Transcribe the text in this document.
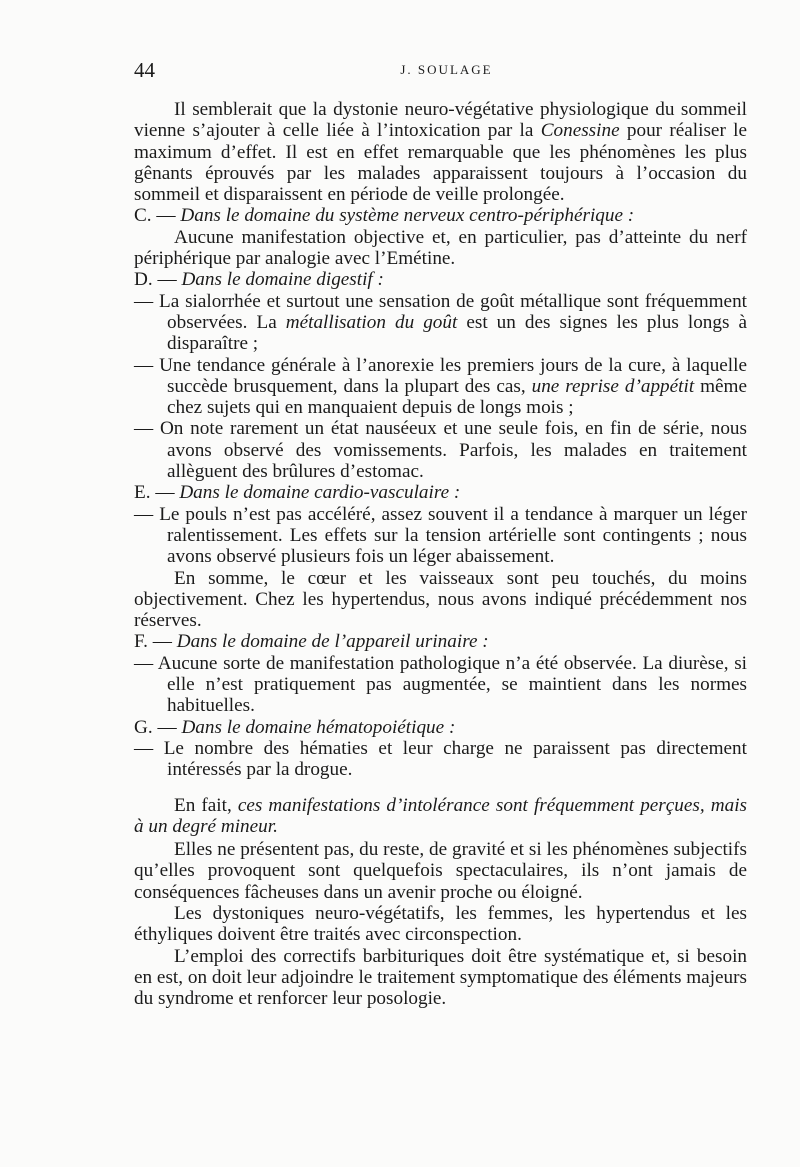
44	J. SOULAGE

Il semblerait que la dystonie neuro-végétative physiologique du sommeil vienne s’ajouter à celle liée à l’intoxication par la Conessine pour réaliser le maximum d’effet. Il est en effet remarquable que les phénomènes les plus gênants éprouvés par les malades apparaissent toujours à l’occasion du sommeil et disparaissent en période de veille prolongée.

C. — Dans le domaine du système nerveux centro-périphérique :

Aucune manifestation objective et, en particulier, pas d’atteinte du nerf périphérique par analogie avec l’Emétine.

D. — Dans le domaine digestif :

— La sialorrhée et surtout une sensation de goût métallique sont fréquemment observées. La métallisation du goût est un des signes les plus longs à disparaître ;

— Une tendance générale à l’anorexie les premiers jours de la cure, à laquelle succède brusquement, dans la plupart des cas, une reprise d’appétit même chez sujets qui en manquaient depuis de longs mois ;

— On note rarement un état nauséeux et une seule fois, en fin de série, nous avons observé des vomissements. Parfois, les malades en traitement allèguent des brûlures d’estomac.

E. — Dans le domaine cardio-vasculaire :

— Le pouls n’est pas accéléré, assez souvent il a tendance à marquer un léger ralentissement. Les effets sur la tension artérielle sont contingents ; nous avons observé plusieurs fois un léger abaissement.

En somme, le cœur et les vaisseaux sont peu touchés, du moins objectivement. Chez les hypertendus, nous avons indiqué précédemment nos réserves.

F. — Dans le domaine de l’appareil urinaire :

— Aucune sorte de manifestation pathologique n’a été observée. La diurèse, si elle n’est pratiquement pas augmentée, se maintient dans les normes habituelles.

G. — Dans le domaine hématopoiétique :

— Le nombre des hématies et leur charge ne paraissent pas directement intéressés par la drogue.

En fait, ces manifestations d’intolérance sont fréquemment perçues, mais à un degré mineur.

Elles ne présentent pas, du reste, de gravité et si les phénomènes subjectifs qu’elles provoquent sont quelquefois spectaculaires, ils n’ont jamais de conséquences fâcheuses dans un avenir proche ou éloigné.

Les dystoniques neuro-végétatifs, les femmes, les hypertendus et les éthyliques doivent être traités avec circonspection.

L’emploi des correctifs barbituriques doit être systématique et, si besoin en est, on doit leur adjoindre le traitement symptomatique des éléments majeurs du syndrome et renforcer leur posologie.
